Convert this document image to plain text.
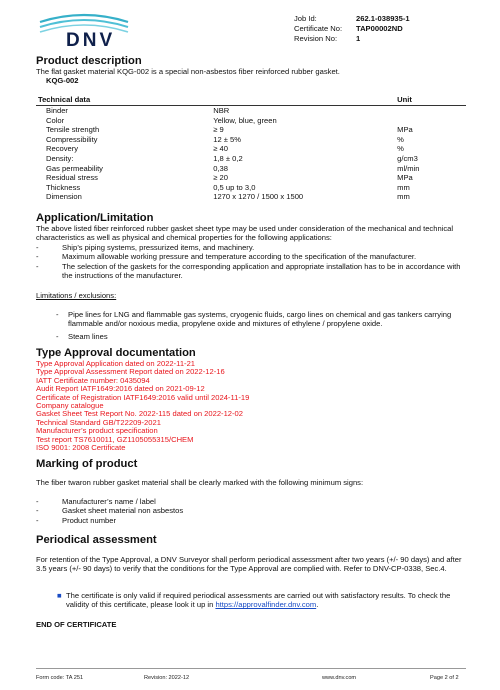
DNV
Job Id:	262.1-038935-1
Certificate No:	TAP00002ND
Revision No:	1
Product description
The flat gasket material KQG-002 is a special non-asbestos fiber reinforced rubber gasket.
KQG-002
Technical data	Unit
Binder	NBR
Color	Yellow, blue, green
Tensile strength	≥ 9	MPa
Compressibility	12 ± 5%	%
Recovery	≥ 40	%
Density:	1,8 ± 0,2	g/cm3
Gas permeability	0,38	ml/min
Residual stress	≥ 20	MPa
Thickness	0,5 up to 3,0	mm
Dimension	1270 x 1270 / 1500 x 1500	mm
Application/Limitation
The above listed fiber reinforced rubber gasket sheet type may be used under consideration of the mechanical and technical characteristics as well as physical and chemical properties for the following applications:
-	Ship’s piping systems, pressurized items, and machinery.
-	Maximum allowable working pressure and temperature according to the specification of the manufacturer.
-	The selection of the gaskets for the corresponding application and appropriate installation has to be in accordance with the instructions of the manufacturer.
Limitations / exclusions:
- Pipe lines for LNG and flammable gas systems, cryogenic fluids, cargo lines on chemical and gas tankers carrying flammable and/or noxious media, propylene oxide and mixtures of ethylene / propylene oxide.
- Steam lines
Type Approval documentation
Type Approval Application dated on 2022-11-21
Type Approval Assessment Report dated on 2022-12-16
IATT Certificate number: 0435094
Audit Report IATF1649:2016 dated on 2021-09-12
Certificate of Registration IATF1649:2016 valid until 2024-11-19
Company catalogue
Gasket Sheet Test Report No. 2022-115 dated on 2022-12-02
Technical Standard GB/T22209-2021
Manufacturer’s product specification
Test report TS7610011, GZ1105055315/CHEM
ISO 9001: 2008 Certificate
Marking of product
The fiber twaron rubber gasket material shall be clearly marked with the following minimum signs:
-	Manufacturer’s name / label
-	Gasket sheet material non asbestos
-	Product number
Periodical assessment
For retention of the Type Approval, a DNV Surveyor shall perform periodical assessment after two years (+/- 90 days) and after 3.5 years (+/- 90 days) to verify that the conditions for the Type Approval are complied with. Refer to DNV-CP-0338, Sec.4.
■ The certificate is only valid if required periodical assessments are carried out with satisfactory results. To check the validity of this certificate, please look it up in https://approvalfinder.dnv.com.
END OF CERTIFICATE
Form code: TA 251	Revision: 2022-12	www.dnv.com	Page 2 of 2
